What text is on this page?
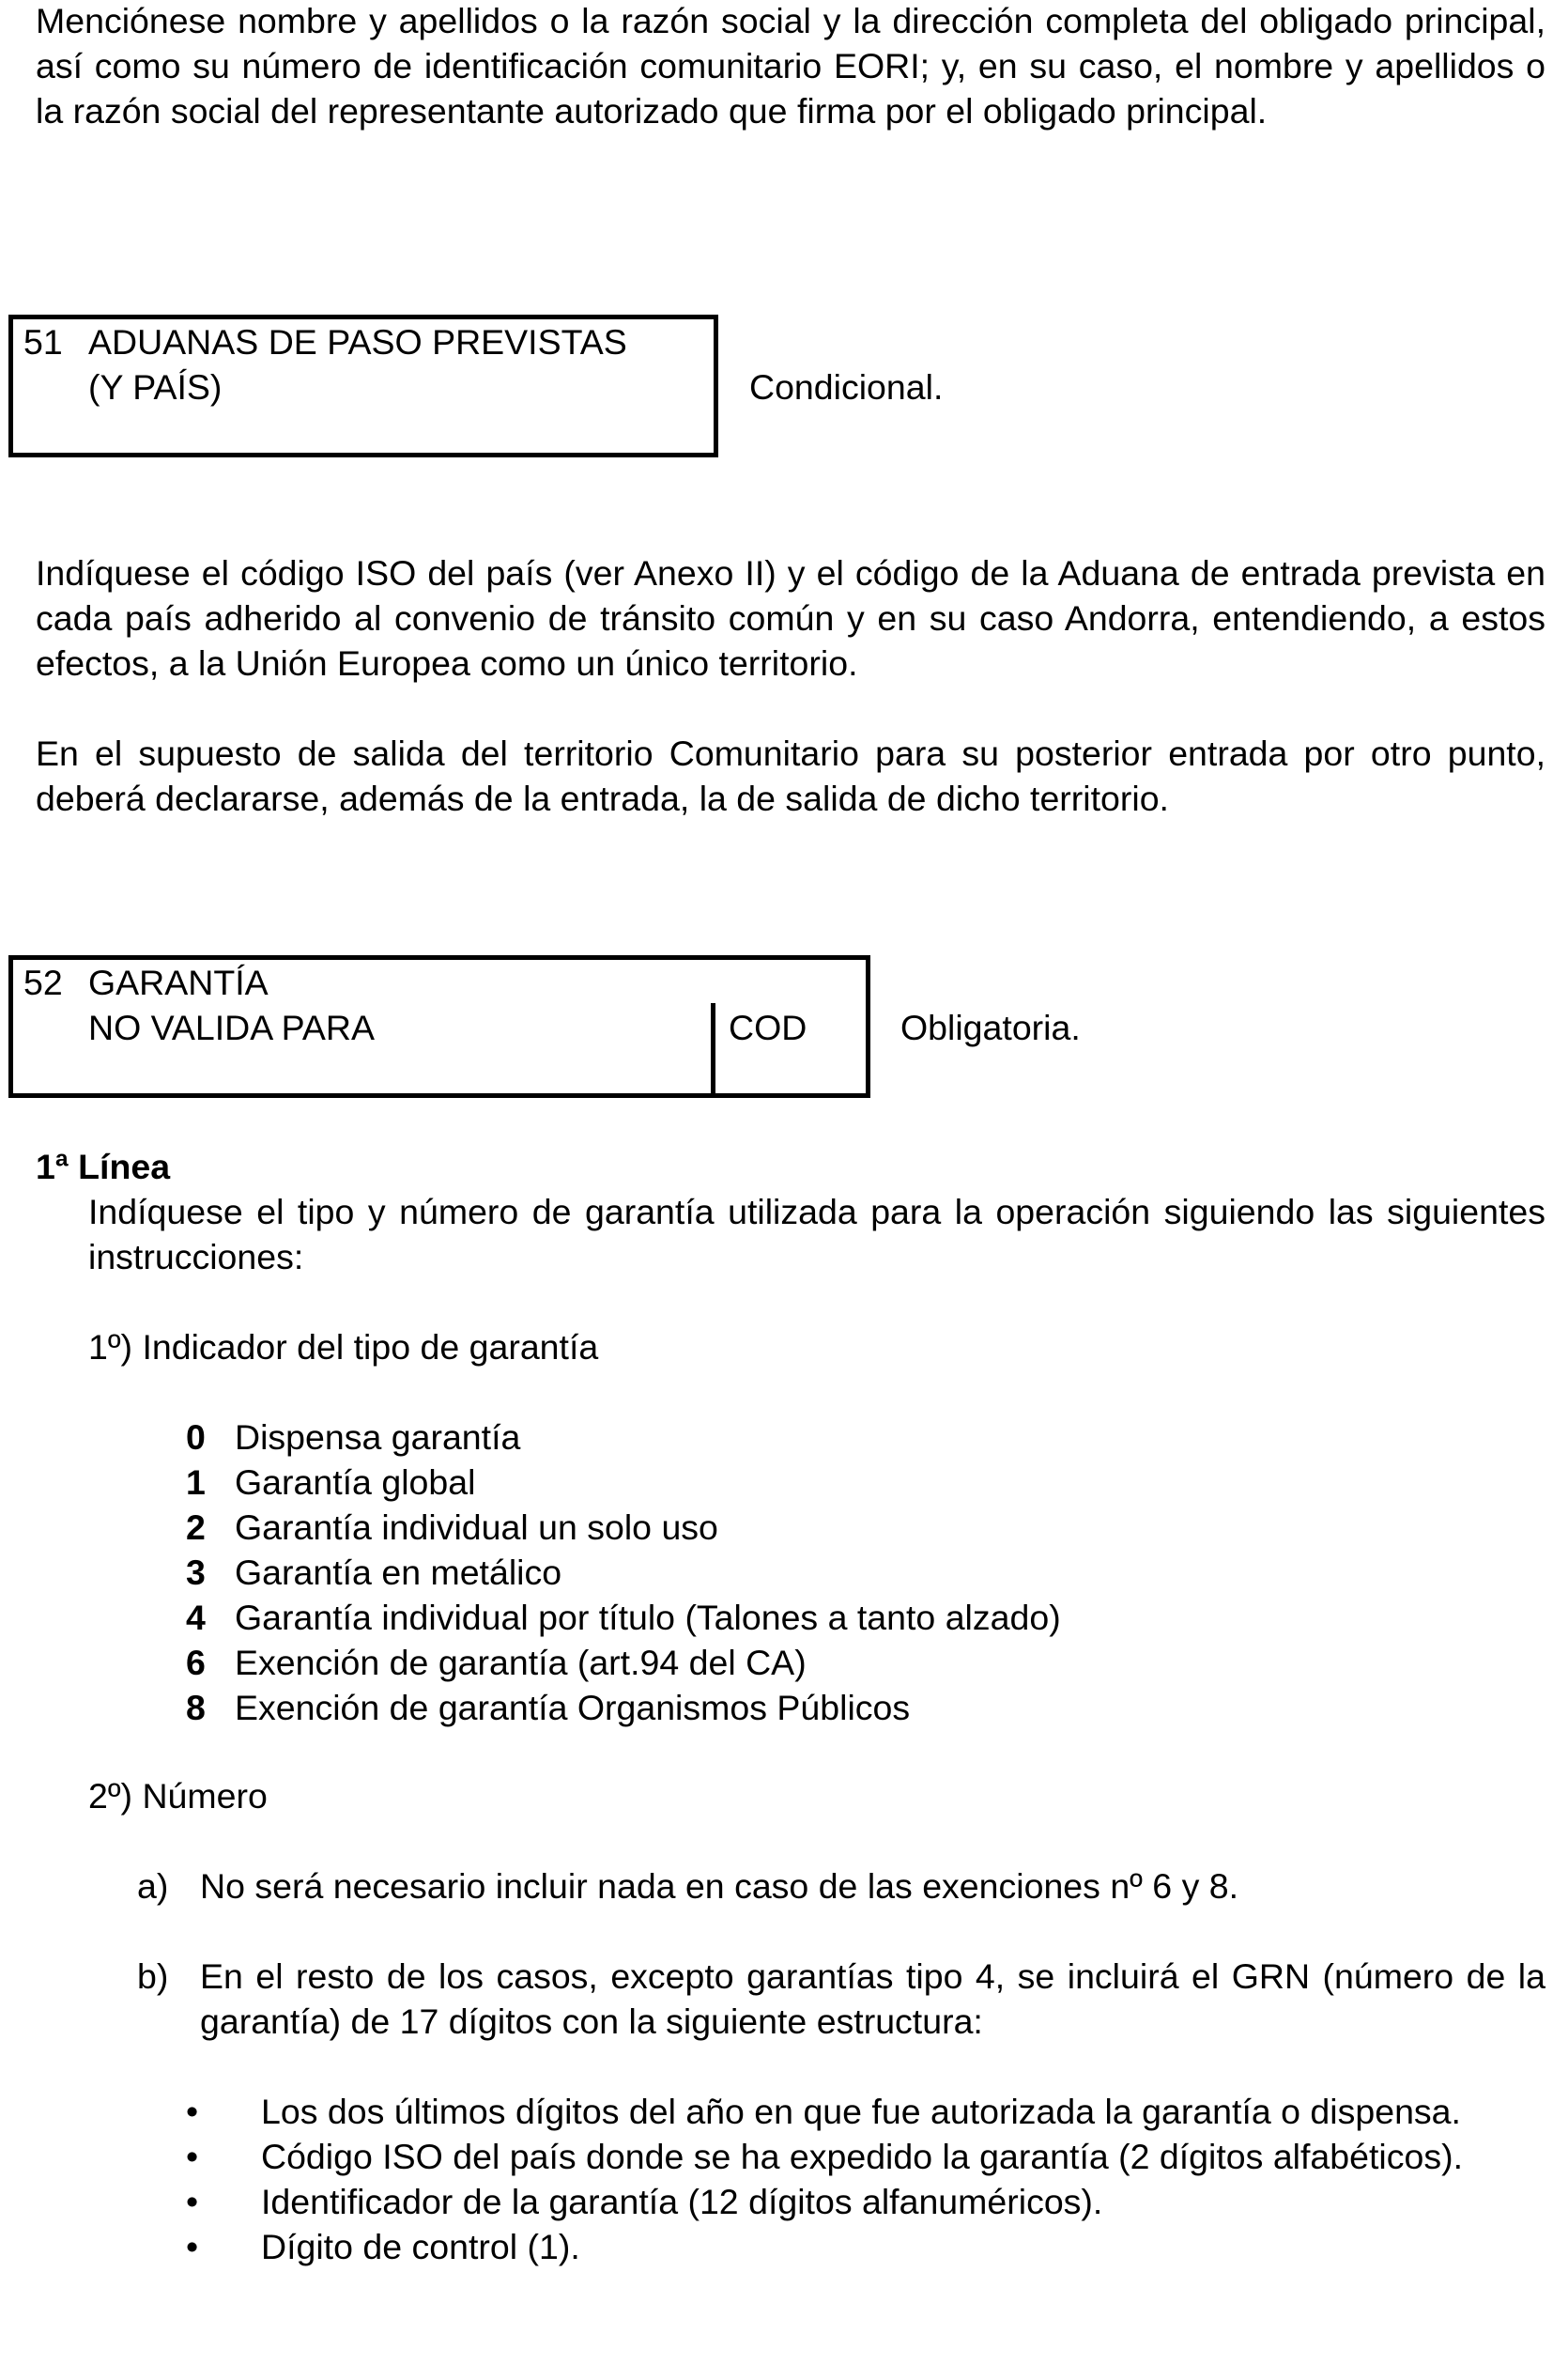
Menciónese nombre y apellidos o la razón social y la dirección completa del obligado principal, así como su número de identificación comunitario EORI; y, en su caso, el nombre y apellidos o la razón social del representante autorizado que firma por el obligado principal.
51 ADUANAS DE PASO PREVISTAS
(Y PAÍS)	Condicional.
Indíquese el código ISO del país (ver Anexo II) y el código de la Aduana de entrada prevista en cada país adherido al convenio de tránsito común y en su caso Andorra, entendiendo, a estos efectos, a la Unión Europea como un único territorio.
En el supuesto de salida del territorio Comunitario para su posterior entrada por otro punto, deberá declararse, además de la entrada, la de salida de dicho territorio.
52 GARANTÍA
NO VALIDA PARA	COD	Obligatoria.
1ª Línea
Indíquese el tipo y número de garantía utilizada para la operación siguiendo las siguientes instrucciones:
1º) Indicador del tipo de garantía
0 Dispensa garantía
1 Garantía global
2 Garantía individual un solo uso
3 Garantía en metálico
4 Garantía individual por título (Talones a tanto alzado)
6 Exención de garantía (art.94 del CA)
8 Exención de garantía Organismos Públicos
2º) Número
a) No será necesario incluir nada en caso de las exenciones nº 6 y 8.
b) En el resto de los casos, excepto garantías tipo 4, se incluirá el GRN (número de la garantía) de 17 dígitos con la siguiente estructura:
• Los dos últimos dígitos del año en que fue autorizada la garantía o dispensa.
• Código ISO del país donde se ha expedido la garantía (2 dígitos alfabéticos).
• Identificador de la garantía (12 dígitos alfanuméricos).
• Dígito de control (1).
